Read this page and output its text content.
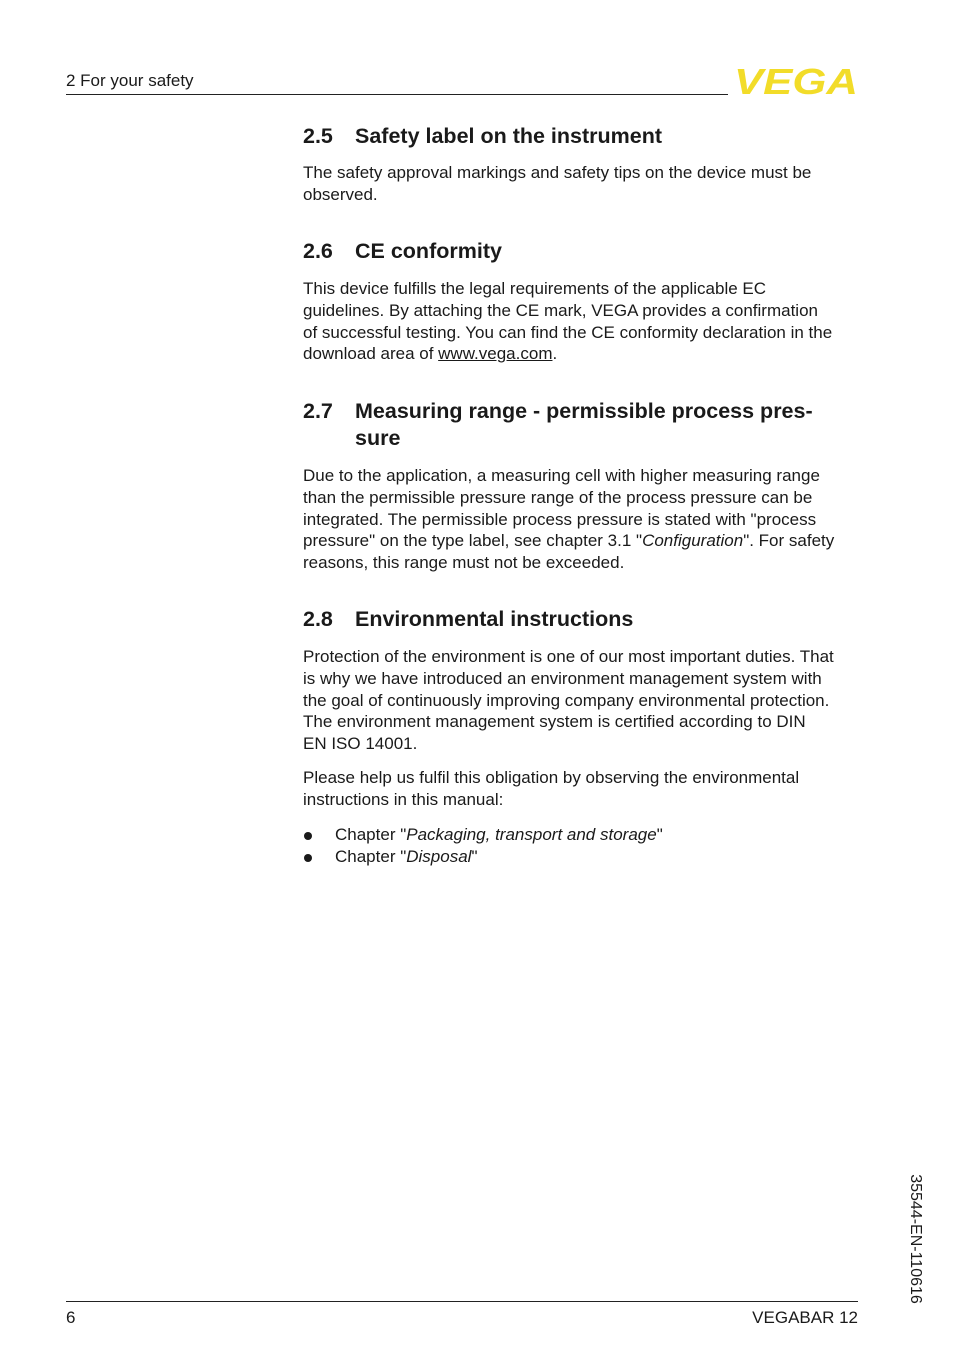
2 For your safety	VEGA
2.5 Safety label on the instrument
The safety approval markings and safety tips on the device must be
observed.
2.6 CE conformity
This device fulfills the legal requirements of the applicable EC
guidelines. By attaching the CE mark, VEGA provides a confirmation
of successful testing. You can find the CE conformity declaration in the
download area of www.vega.com.
2.7 Measuring range - permissible process pres-
sure
Due to the application, a measuring cell with higher measuring range
than the permissible pressure range of the process pressure can be
integrated. The permissible process pressure is stated with "process
pressure" on the type label, see chapter 3.1 "Configuration". For safety
reasons, this range must not be exceeded.
2.8 Environmental instructions
Protection of the environment is one of our most important duties. That
is why we have introduced an environment management system with
the goal of continuously improving company environmental protection.
The environment management system is certified according to DIN
EN ISO 14001.
Please help us fulfil this obligation by observing the environmental
instructions in this manual:
Chapter "Packaging, transport and storage"
Chapter "Disposal"
35544-EN-110616
6	VEGABAR 12
